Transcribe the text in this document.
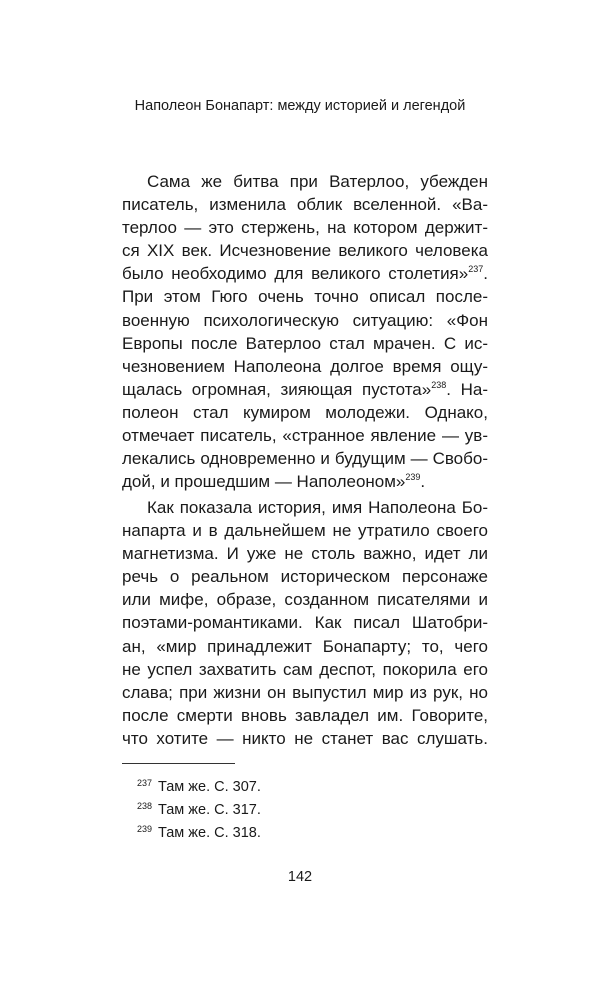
Наполеон Бонапарт: между историей и легендой
Сама же битва при Ватерлоо, убежден
писатель, изменила облик вселенной. «Ва-
терлоо — это стержень, на котором держит-
ся XIX век. Исчезновение великого человека
было необходимо для великого столетия»$^{237}$.
При этом Гюго очень точно описал после-
военную психологическую ситуацию: «Фон
Европы после Ватерлоо стал мрачен. С ис-
чезновением Наполеона долгое время ощу-
щалась огромная, зияющая пустота»$^{238}$. На-
полеон стал кумиром молодежи. Однако,
отмечает писатель, «странное явление — ув-
лекались одновременно и будущим — Свобо-
дой, и прошедшим — Наполеоном»$^{239}$.
Как показала история, имя Наполеона Бо-
напарта и в дальнейшем не утратило своего
магнетизма. И уже не столь важно, идет ли
речь о реальном историческом персонаже
или мифе, образе, созданном писателями и
поэтами-романтиками. Как писал Шатобри-
ан, «мир принадлежит Бонапарту; то, чего
не успел захватить сам деспот, покорила его
слава; при жизни он выпустил мир из рук, но
после смерти вновь завладел им. Говорите,
что хотите — никто не станет вас слушать.
$^{237}$ Там же. С. 307.
$^{238}$ Там же. С. 317.
$^{239}$ Там же. С. 318.
142
